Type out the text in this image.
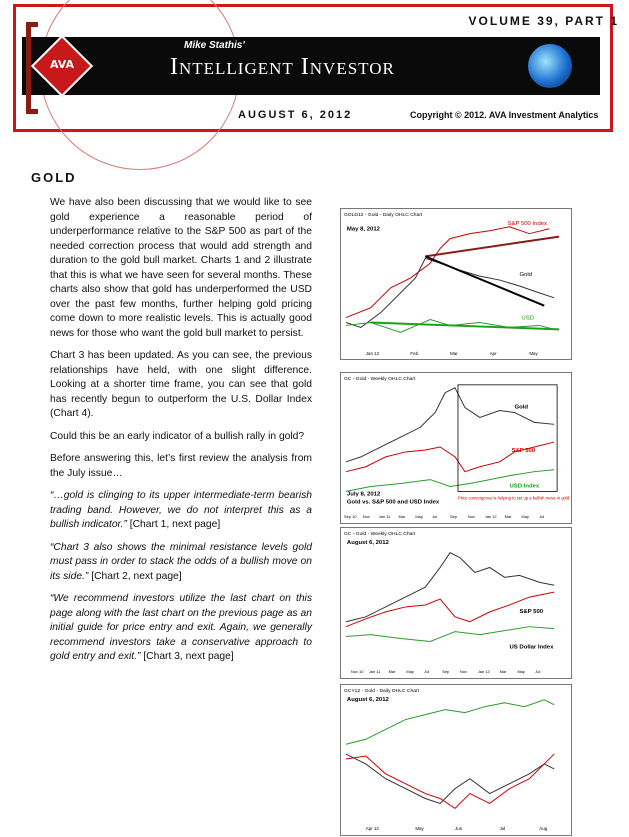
AVA
VOLUME 39, PART 1
Mike Stathis'
Intelligent Investor
AUGUST 6, 2012	Copyright © 2012. AVA Investment Analytics
GOLD

We have also been discussing that we would like to see gold experience a reasonable period of underperformance relative to the S&P 500 as part of the needed correction process that would add strength and duration to the gold bull market. Charts 1 and 2 illustrate that this is what we have seen for several months. These charts also show that gold has underperformed the USD over the past few months, further helping gold pricing come down to more realistic levels. This is actually good news for those who want the gold bull market to persist.

Chart 3 has been updated. As you can see, the previous relationships have held, with one slight difference. Looking at a shorter time frame, you can see that gold has recently begun to outperform the U.S. Dollar Index (Chart 4).

Could this be an early indicator of a bullish rally in gold?

Before answering this, let’s first review the analysis from the July issue…

“…gold is clinging to its upper intermediate-term bearish trading band. However, we do not interpret this as a bullish indicator.” [Chart 1, next page]

“Chart 3 also shows the minimal resistance levels gold must pass in order to stack the odds of a bullish move on its side.” [Chart 2, next page]

“We recommend investors utilize the last chart on this page along with the last chart on the previous page as an initial guide for price entry and exit. Again, we generally recommend investors take a conservative approach to gold entry and exit.” [Chart 3, next page]

GOLD12 - Gold - Daily OHLC Chart
May 8, 2012
S&P 500 Index
Gold
USD
Jan 12	Feb	Mar	Apr	May
GC - Gold - Weekly OHLC Chart
Gold
S&P 500
USD Index
July 8, 2012
Gold vs. S&P 500 and USD Index
Price convergence is helping to set up a bullish move in gold
Sep 10 Nov Jan 11 Mar	May Jul	Sep	Nov Jan 12 Mar	May	Jul
GC - Gold - Weekly OHLC Chart
August 6, 2012
S&P 500
US Dollar Index
Nov 10 Jan 11 Mar	May	Jul	Sep	Nov	Jan 12 Mar	May	Jul
GCY12 - Gold - Daily OHLC Chart
August 6, 2012
Apr 12	May	Jun	Jul	Aug
